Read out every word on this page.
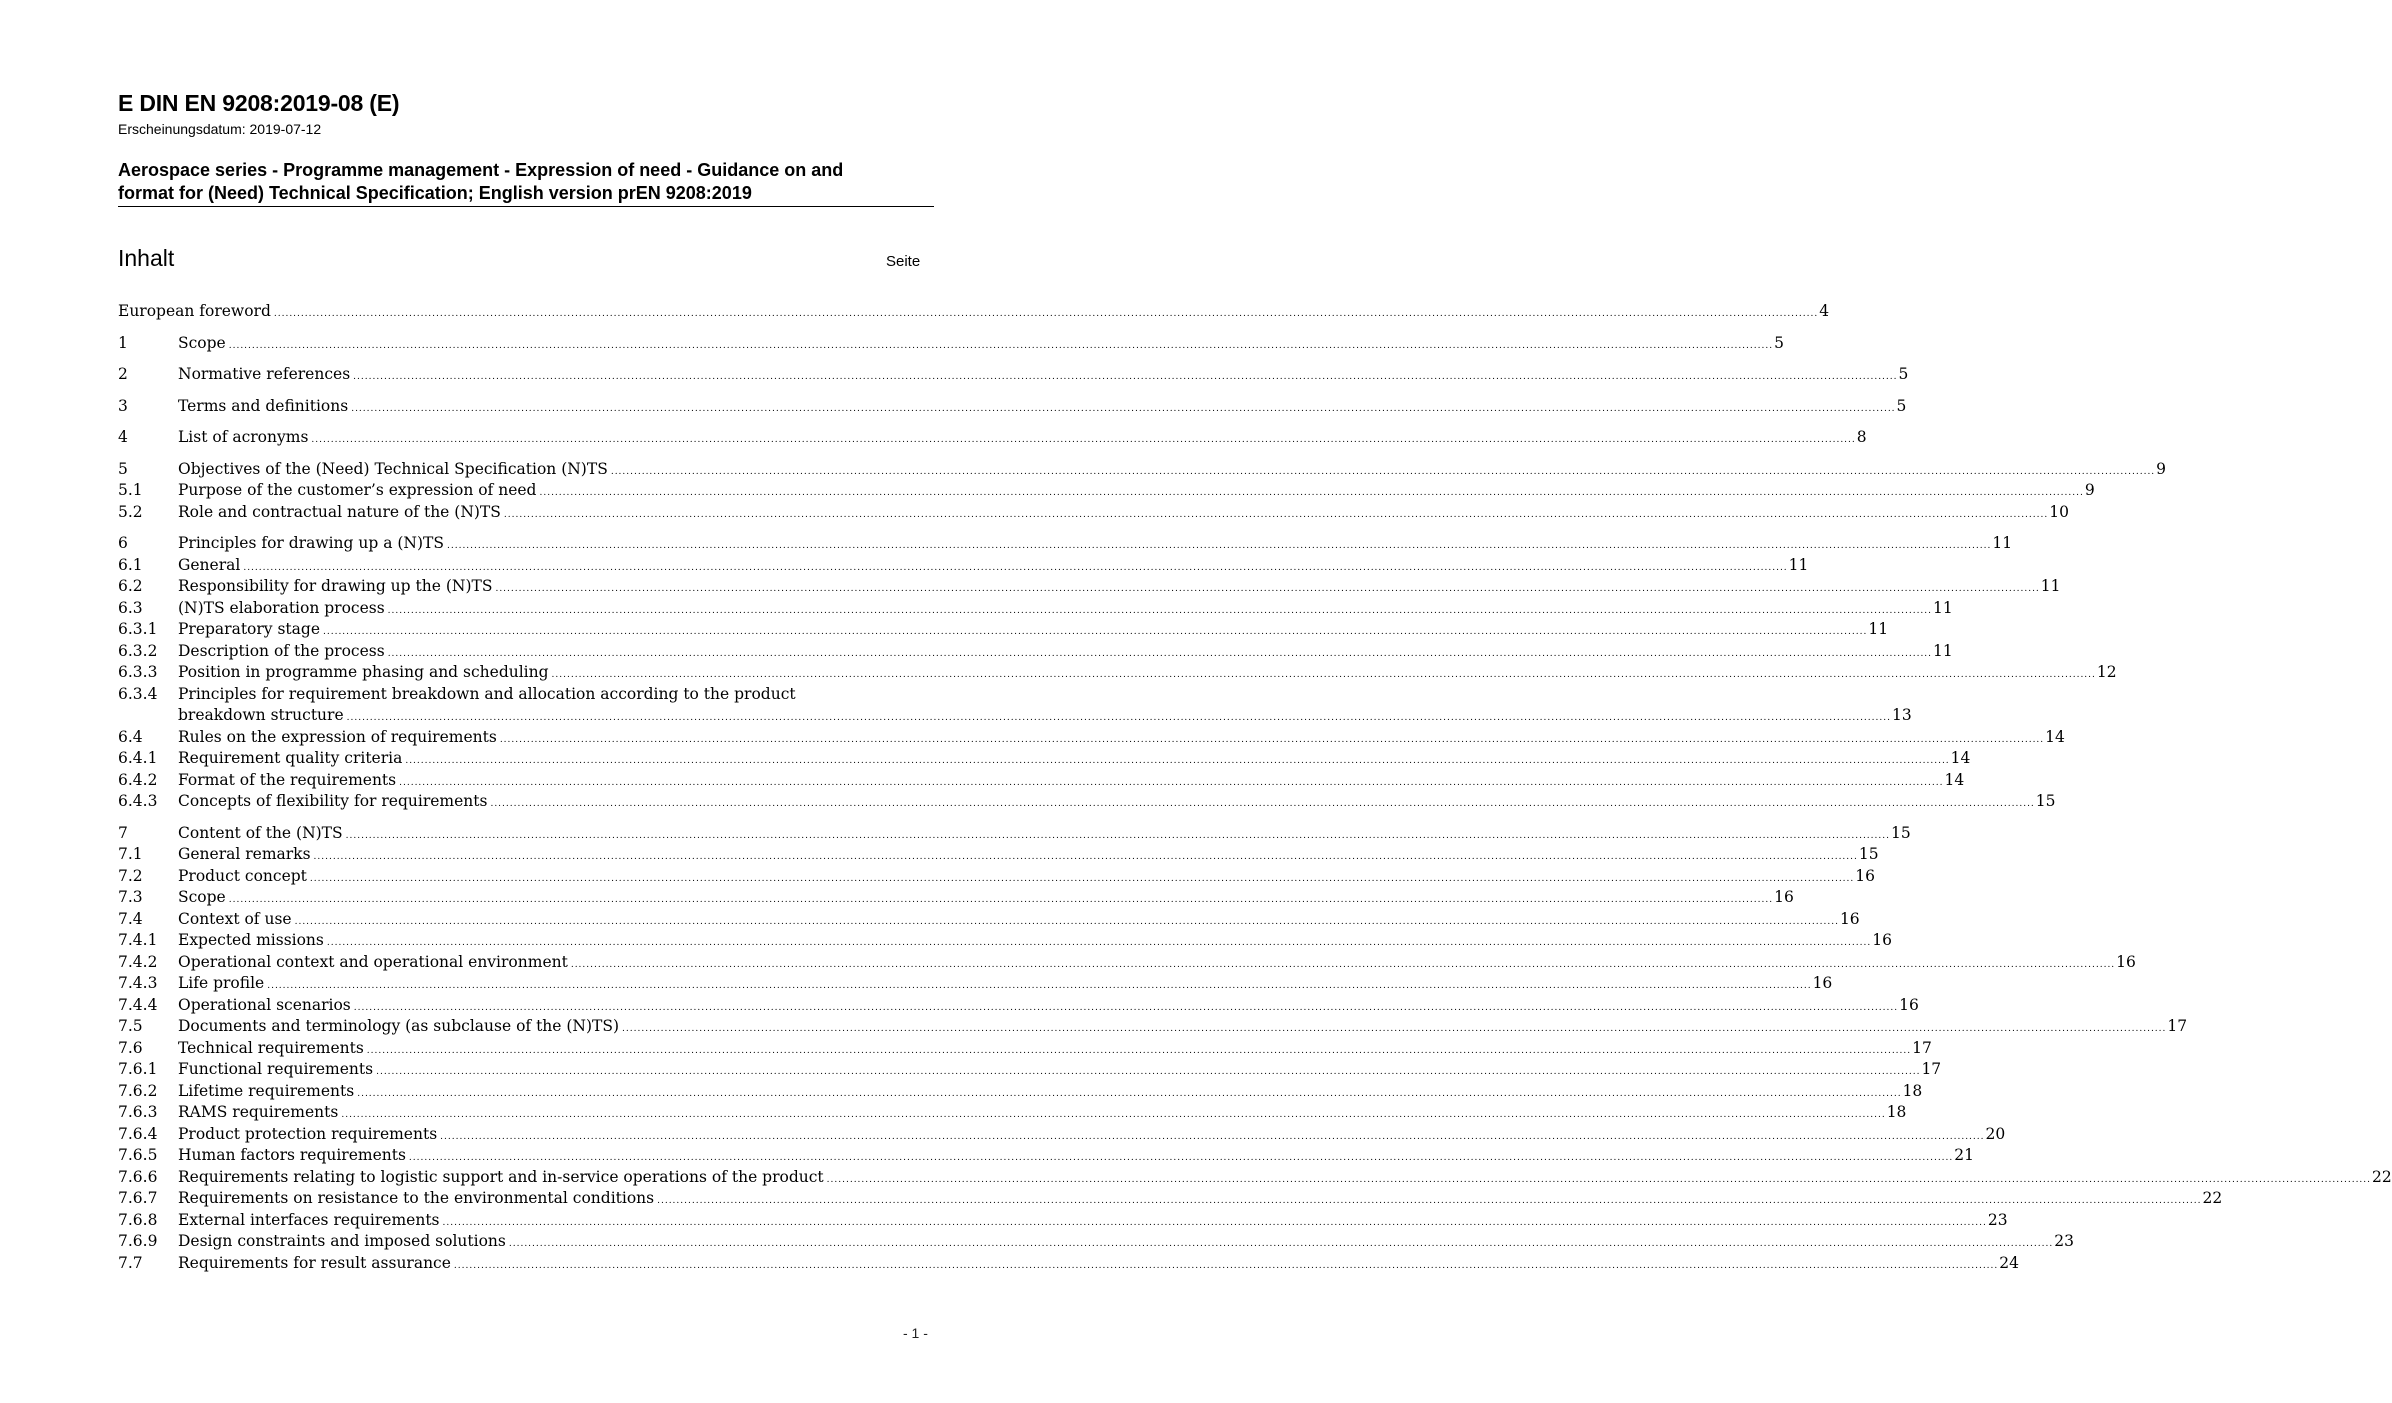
E DIN EN 9208:2019-08 (E)
Erscheinungsdatum: 2019-07-12
Aerospace series - Programme management - Expression of need - Guidance on and
format for (Need) Technical Specification; English version prEN 9208:2019
Inhalt	Seite
European foreword ................................................................................................................................................................................................................................................................................................................................................................................................................ 4
1	Scope ................................................................................................................................................................................................................................................................................................................................................................................................................ 5
2	Normative references ................................................................................................................................................................................................................................................................................................................................................................................................................ 5
3	Terms and definitions ................................................................................................................................................................................................................................................................................................................................................................................................................ 5
4	List of acronyms ................................................................................................................................................................................................................................................................................................................................................................................................................ 8
5	Objectives of the (Need) Technical Specification (N)TS ................................................................................................................................................................................................................................................................................................................................................................................................................ 9
5.1	Purpose of the customer’s expression of need ................................................................................................................................................................................................................................................................................................................................................................................................................ 9
5.2	Role and contractual nature of the (N)TS ................................................................................................................................................................................................................................................................................................................................................................................................................ 10
6	Principles for drawing up a (N)TS ................................................................................................................................................................................................................................................................................................................................................................................................................ 11
6.1	General ................................................................................................................................................................................................................................................................................................................................................................................................................ 11
6.2	Responsibility for drawing up the (N)TS ................................................................................................................................................................................................................................................................................................................................................................................................................ 11
6.3	(N)TS elaboration process ................................................................................................................................................................................................................................................................................................................................................................................................................ 11
6.3.1	Preparatory stage ................................................................................................................................................................................................................................................................................................................................................................................................................ 11
6.3.2	Description of the process ................................................................................................................................................................................................................................................................................................................................................................................................................ 11
6.3.3	Position in programme phasing and scheduling ................................................................................................................................................................................................................................................................................................................................................................................................................ 12
6.3.4	Principles for requirement breakdown and allocation according to the product
breakdown structure ................................................................................................................................................................................................................................................................................................................................................................................................................ 13
6.4	Rules on the expression of requirements ................................................................................................................................................................................................................................................................................................................................................................................................................ 14
6.4.1	Requirement quality criteria ................................................................................................................................................................................................................................................................................................................................................................................................................ 14
6.4.2	Format of the requirements ................................................................................................................................................................................................................................................................................................................................................................................................................ 14
6.4.3	Concepts of flexibility for requirements ................................................................................................................................................................................................................................................................................................................................................................................................................ 15
7	Content of the (N)TS ................................................................................................................................................................................................................................................................................................................................................................................................................ 15
7.1	General remarks ................................................................................................................................................................................................................................................................................................................................................................................................................ 15
7.2	Product concept ................................................................................................................................................................................................................................................................................................................................................................................................................ 16
7.3	Scope ................................................................................................................................................................................................................................................................................................................................................................................................................ 16
7.4	Context of use ................................................................................................................................................................................................................................................................................................................................................................................................................ 16
7.4.1	Expected missions ................................................................................................................................................................................................................................................................................................................................................................................................................ 16
7.4.2	Operational context and operational environment ................................................................................................................................................................................................................................................................................................................................................................................................................ 16
7.4.3	Life profile ................................................................................................................................................................................................................................................................................................................................................................................................................ 16
7.4.4	Operational scenarios ................................................................................................................................................................................................................................................................................................................................................................................................................ 16
7.5	Documents and terminology (as subclause of the (N)TS) ................................................................................................................................................................................................................................................................................................................................................................................................................ 17
7.6	Technical requirements ................................................................................................................................................................................................................................................................................................................................................................................................................ 17
7.6.1	Functional requirements ................................................................................................................................................................................................................................................................................................................................................................................................................ 17
7.6.2	Lifetime requirements ................................................................................................................................................................................................................................................................................................................................................................................................................ 18
7.6.3	RAMS requirements ................................................................................................................................................................................................................................................................................................................................................................................................................ 18
7.6.4	Product protection requirements ................................................................................................................................................................................................................................................................................................................................................................................................................ 20
7.6.5	Human factors requirements ................................................................................................................................................................................................................................................................................................................................................................................................................ 21
7.6.6	Requirements relating to logistic support and in-service operations of the product ................................................................................................................................................................................................................................................................................................................................................................................................................ 22
7.6.7	Requirements on resistance to the environmental conditions ................................................................................................................................................................................................................................................................................................................................................................................................................ 22
7.6.8	External interfaces requirements ................................................................................................................................................................................................................................................................................................................................................................................................................ 23
7.6.9	Design constraints and imposed solutions ................................................................................................................................................................................................................................................................................................................................................................................................................ 23
7.7	Requirements for result assurance ................................................................................................................................................................................................................................................................................................................................................................................................................ 24
- 1 -
